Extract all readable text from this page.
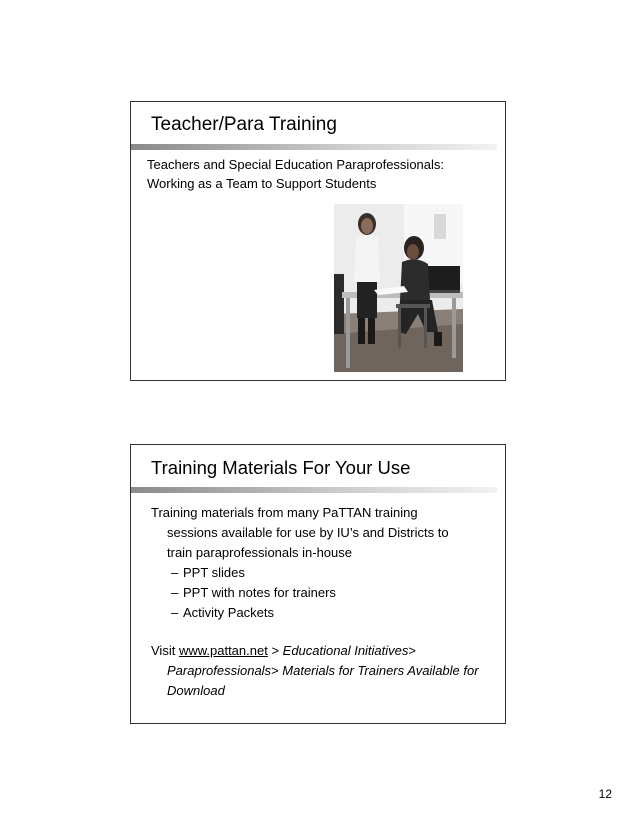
Teacher/Para Training
Teachers and Special Education Paraprofessionals:
Working as a Team to Support Students
Training Materials For Your Use
Training materials from many PaTTAN training
sessions available for use by IU’s and Districts to
train paraprofessionals in-house
– PPT slides
– PPT with notes for trainers
– Activity Packets
Visit www.pattan.net > Educational Initiatives>
Paraprofessionals> Materials for Trainers Available for
Download
12
